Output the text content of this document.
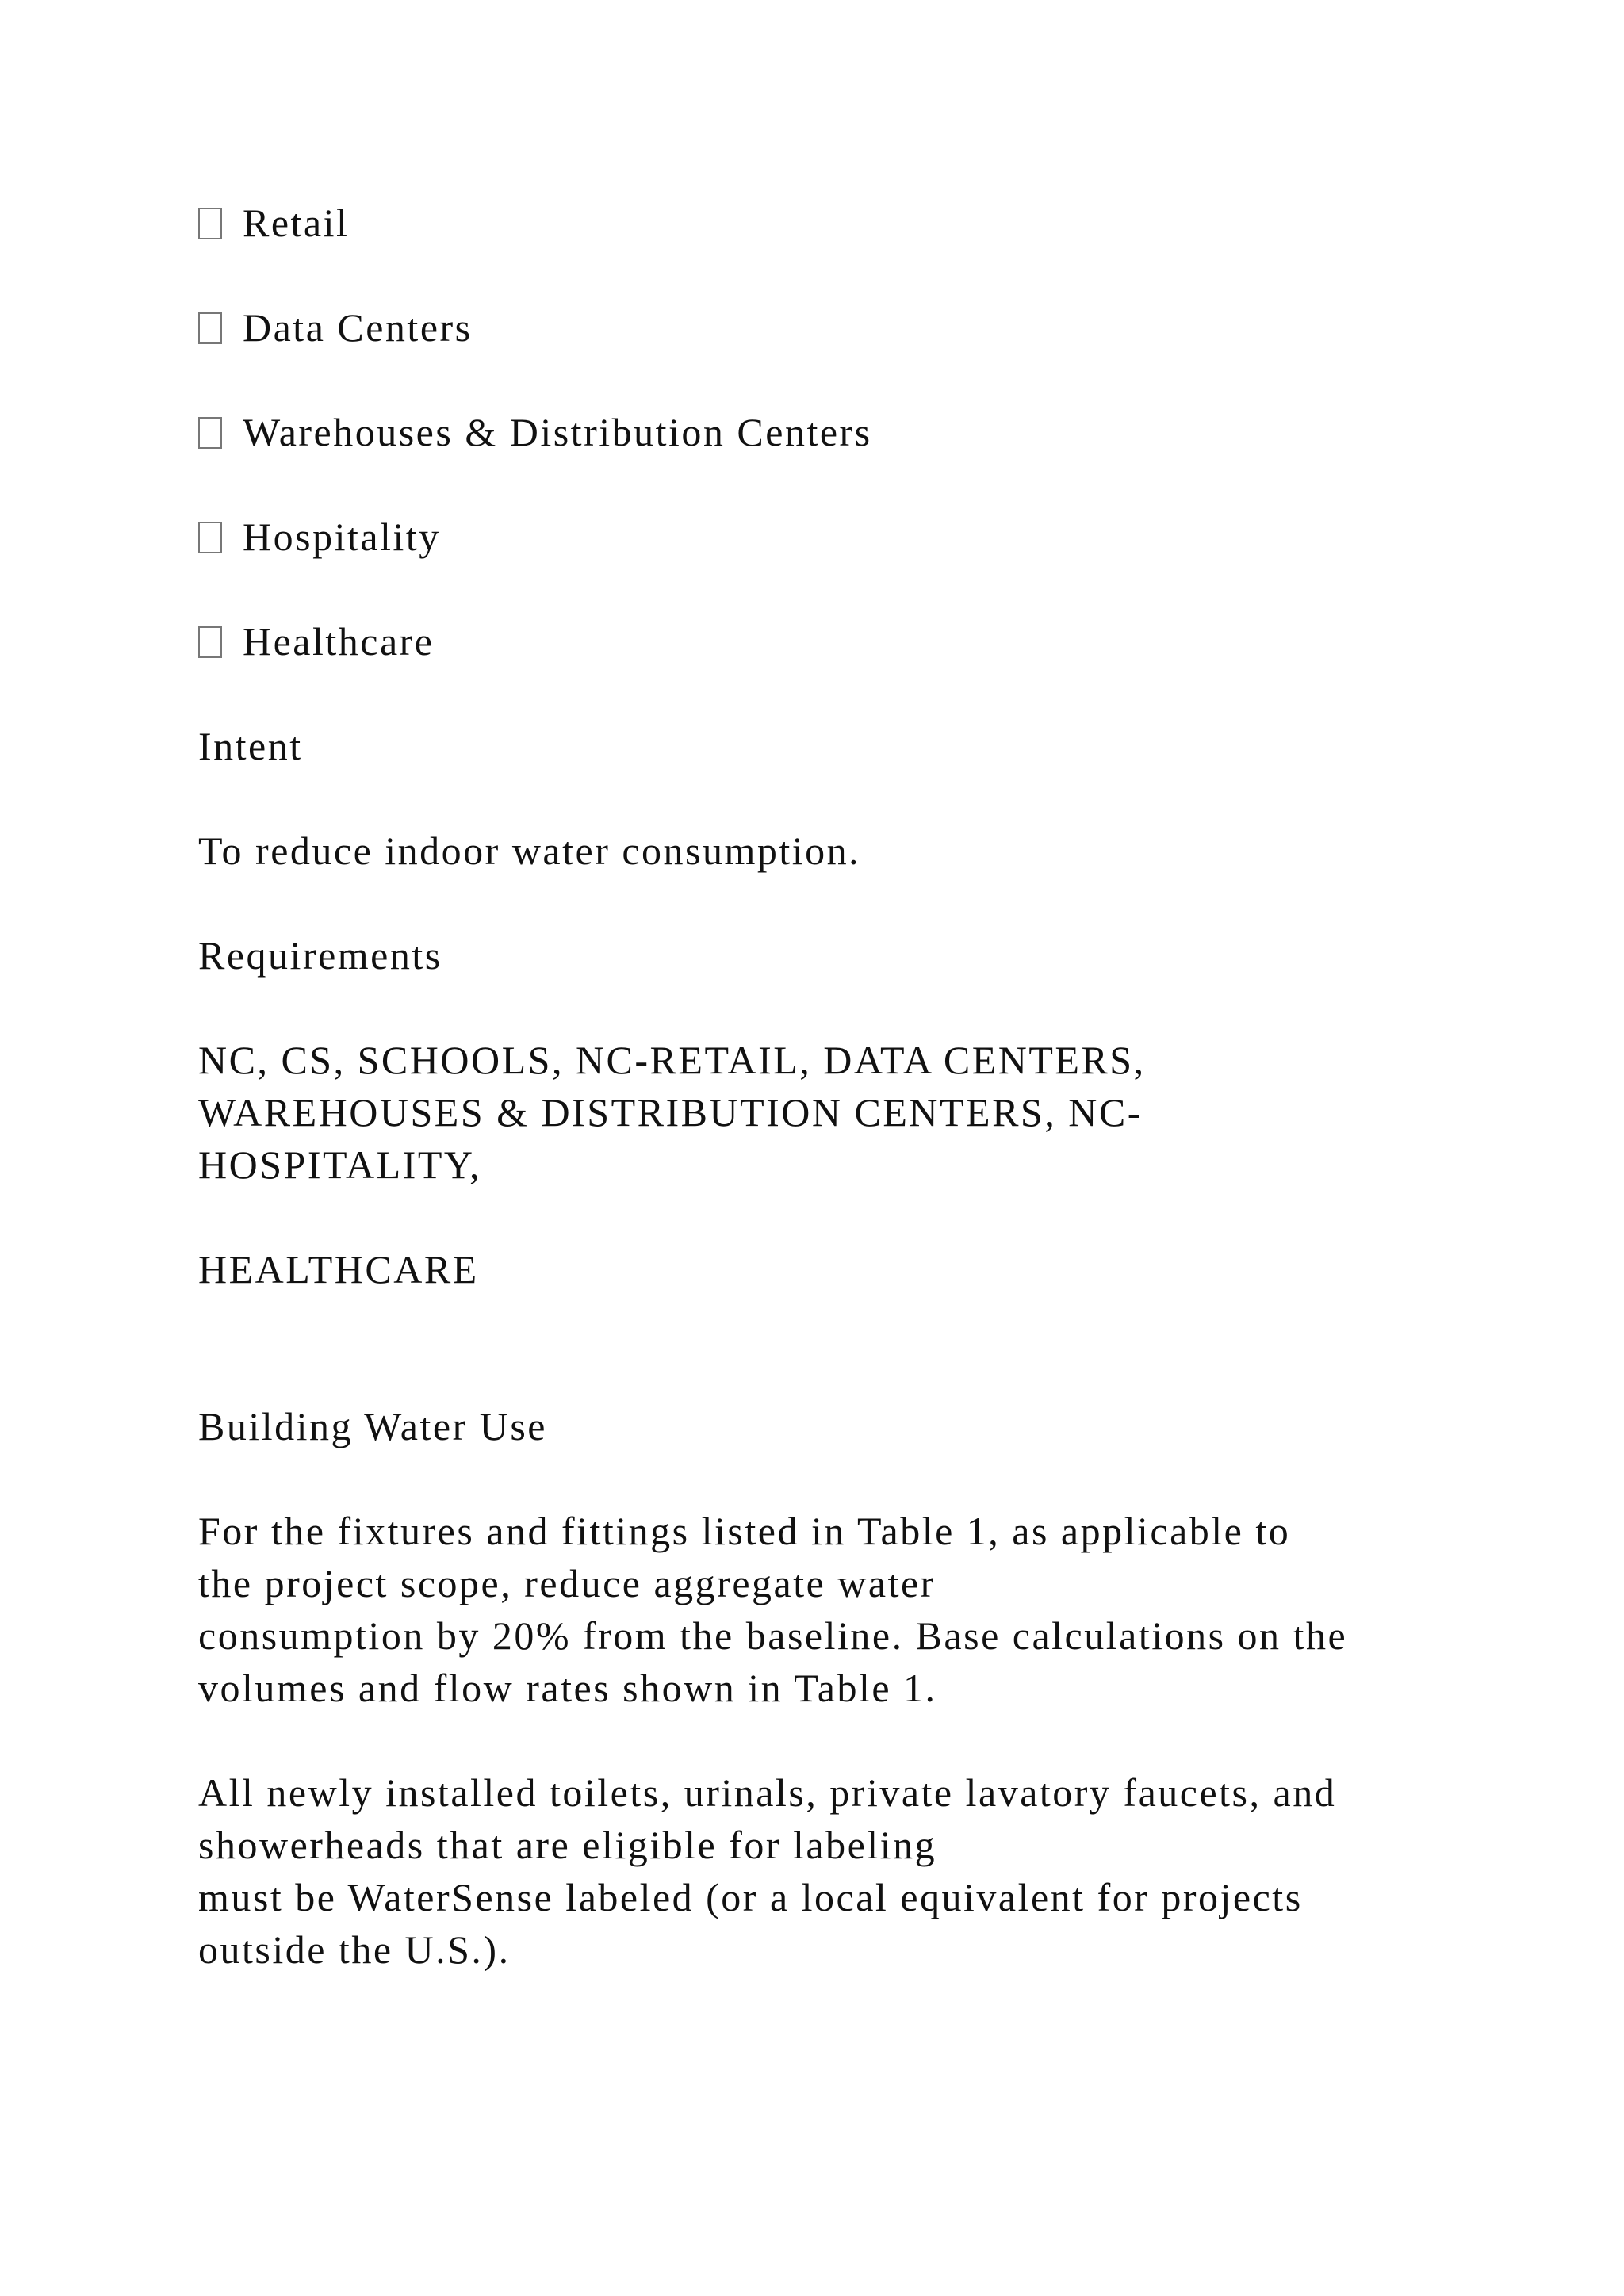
Retail
Data Centers
Warehouses & Distribution Centers
Hospitality
Healthcare
Intent
To reduce indoor water consumption.
Requirements
NC, CS, SCHOOLS, NC-RETAIL, DATA CENTERS,
WAREHOUSES & DISTRIBUTION CENTERS, NC-
HOSPITALITY,
HEALTHCARE
Building Water Use
For the fixtures and fittings listed in Table 1, as applicable to
the project scope, reduce aggregate water
consumption by 20% from the baseline. Base calculations on the
volumes and flow rates shown in Table 1.
All newly installed toilets, urinals, private lavatory faucets, and
showerheads that are eligible for labeling
must be WaterSense labeled (or a local equivalent for projects
outside the U.S.).
